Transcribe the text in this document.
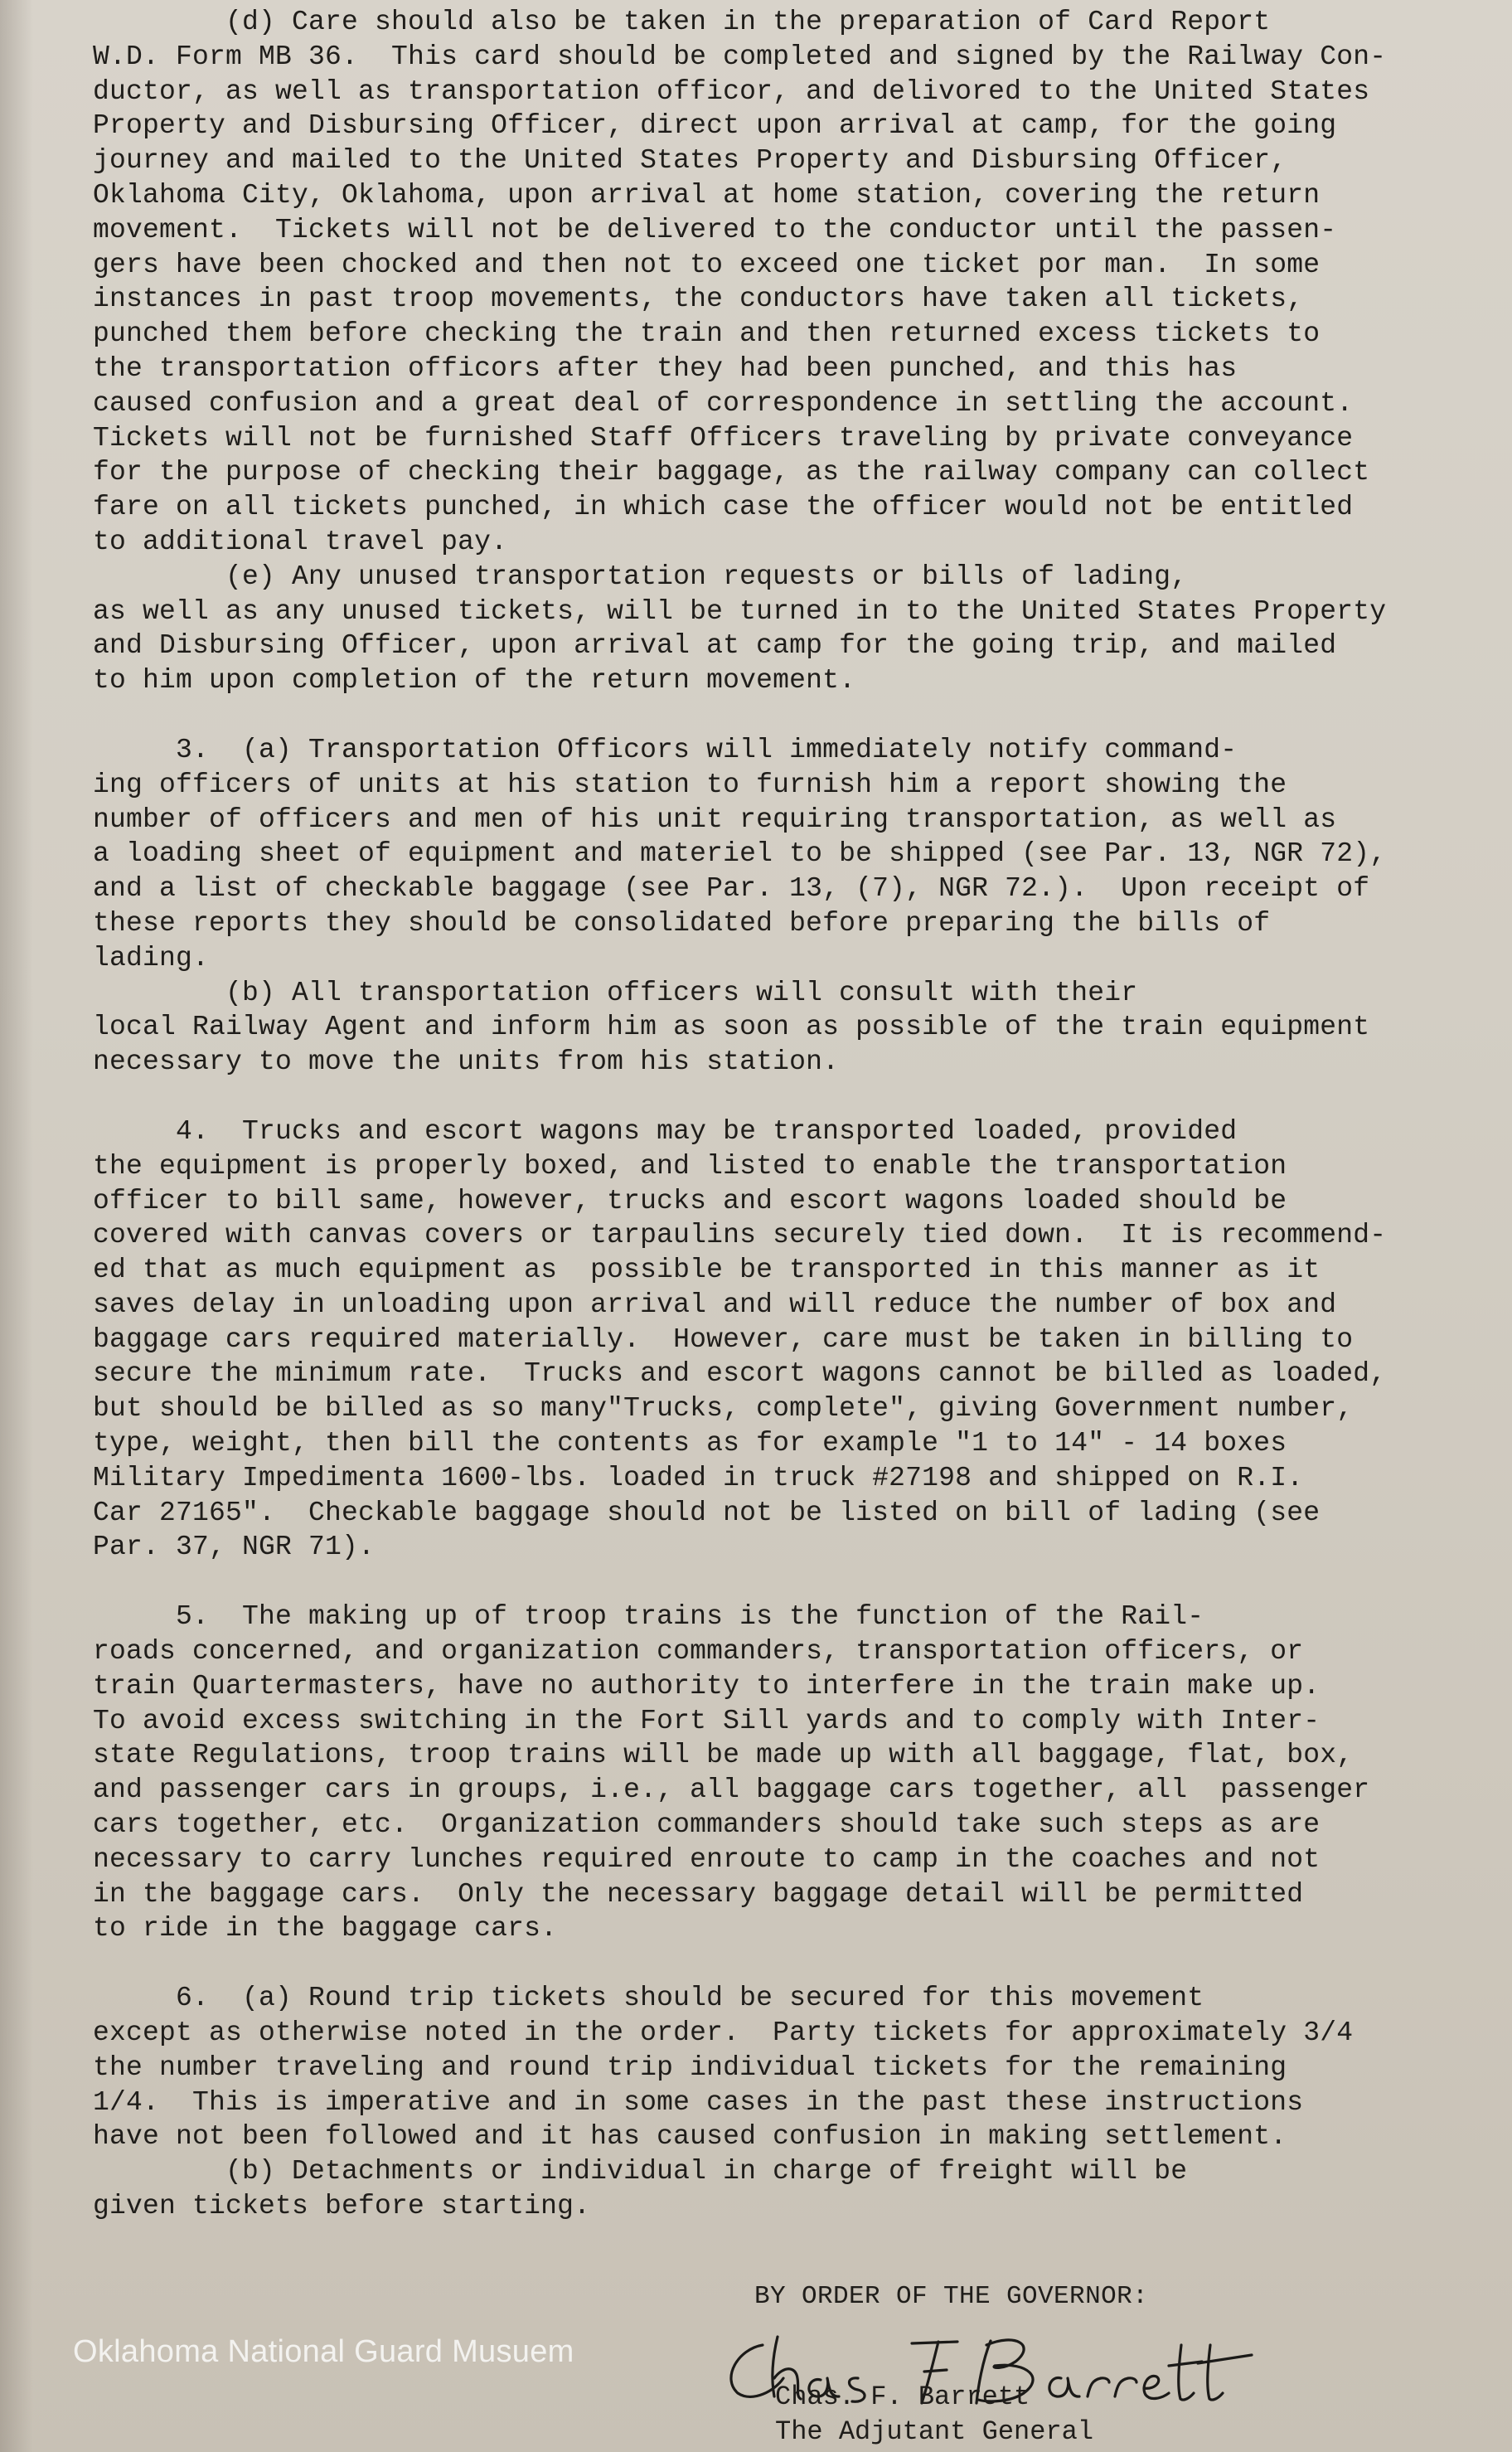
(d) Care should also be taken in the preparation of Card Report

W.D. Form MB 36.  This card should be completed and signed by the Railway Con-

ductor, as well as transportation officor, and delivored to the United States

Property and Disbursing Officer, direct upon arrival at camp, for the going

journey and mailed to the United States Property and Disbursing Officer,

Oklahoma City, Oklahoma, upon arrival at home station, covering the return

movement.  Tickets will not be delivered to the conductor until the passen-

gers have been chocked and then not to exceed one ticket por man.  In some

instances in past troop movements, the conductors have taken all tickets,

punched them before checking the train and then returned excess tickets to

the transportation officors after they had been punched, and this has

caused confusion and a great deal of correspondence in settling the account.

Tickets will not be furnished Staff Officers traveling by private conveyance

for the purpose of checking their baggage, as the railway company can collect

fare on all tickets punched, in which case the officer would not be entitled

to additional travel pay.

(e) Any unused transportation requests or bills of lading,

as well as any unused tickets, will be turned in to the United States Property

and Disbursing Officer, upon arrival at camp for the going trip, and mailed

to him upon completion of the return movement.

3.  (a) Transportation Officors will immediately notify command-

ing officers of units at his station to furnish him a report showing the

number of officers and men of his unit requiring transportation, as well as

a loading sheet of equipment and materiel to be shipped (see Par. 13, NGR 72),

and a list of checkable baggage (see Par. 13, (7), NGR 72.).  Upon receipt of

these reports they should be consolidated before preparing the bills of

lading.

(b) All transportation officers will consult with their

local Railway Agent and inform him as soon as possible of the train equipment

necessary to move the units from his station.

4.  Trucks and escort wagons may be transported loaded, provided

the equipment is properly boxed, and listed to enable the transportation

officer to bill same, however, trucks and escort wagons loaded should be

covered with canvas covers or tarpaulins securely tied down.  It is recommend-

ed that as much equipment as  possible be transported in this manner as it

saves delay in unloading upon arrival and will reduce the number of box and

baggage cars required materially.  However, care must be taken in billing to

secure the minimum rate.  Trucks and escort wagons cannot be billed as loaded,

but should be billed as so many"Trucks, complete", giving Government number,

type, weight, then bill the contents as for example "1 to 14" - 14 boxes

Military Impedimenta 1600-lbs. loaded in truck #27198 and shipped on R.I.

Car 27165".  Checkable baggage should not be listed on bill of lading (see

Par. 37, NGR 71).

5.  The making up of troop trains is the function of the Rail-

roads concerned, and organization commanders, transportation officers, or

train Quartermasters, have no authority to interfere in the train make up.

To avoid excess switching in the Fort Sill yards and to comply with Inter-

state Regulations, troop trains will be made up with all baggage, flat, box,

and passenger cars in groups, i.e., all baggage cars together, all  passenger

cars together, etc.  Organization commanders should take such steps as are

necessary to carry lunches required enroute to camp in the coaches and not

in the baggage cars.  Only the necessary baggage detail will be permitted

to ride in the baggage cars.

6.  (a) Round trip tickets should be secured for this movement

except as otherwise noted in the order.  Party tickets for approximately 3/4

the number traveling and round trip individual tickets for the remaining

1/4.  This is imperative and in some cases in the past these instructions

have not been followed and it has caused confusion in making settlement.

(b) Detachments or individual in charge of freight will be

given tickets before starting.

BY ORDER OF THE GOVERNOR:
Chas. F. Barrett
The Adjutant General
Oklahoma National Guard Musuem
